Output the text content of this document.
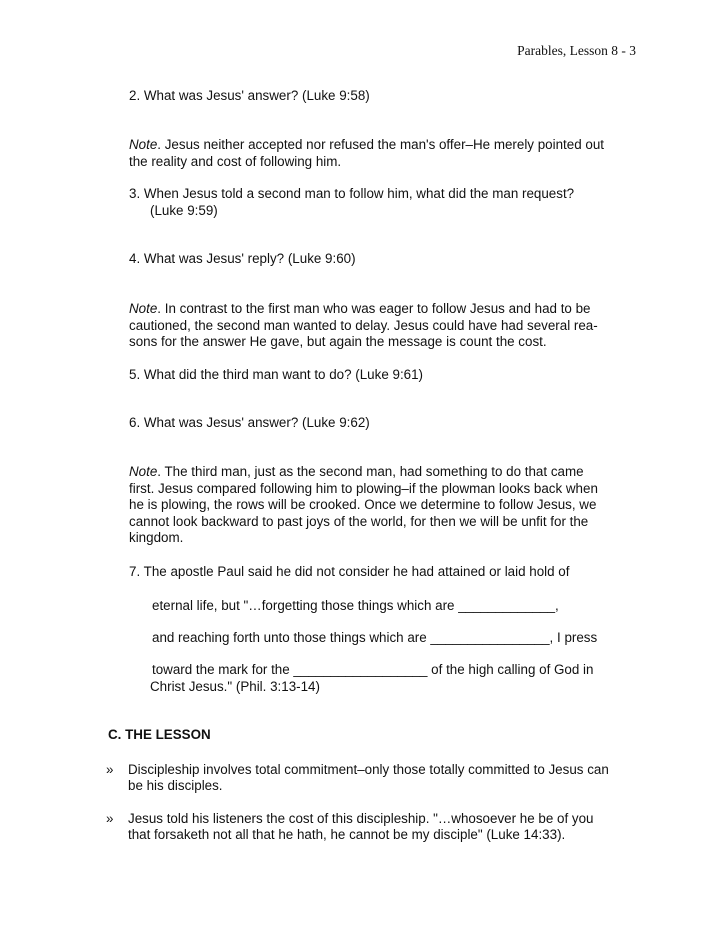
Parables, Lesson 8 - 3
2. What was Jesus' answer? (Luke 9:58)
Note. Jesus neither accepted nor refused the man's offer–He merely pointed out
the reality and cost of following him.
3. When Jesus told a second man to follow him, what did the man request?
(Luke 9:59)
4. What was Jesus' reply? (Luke 9:60)
Note. In contrast to the first man who was eager to follow Jesus and had to be
cautioned, the second man wanted to delay. Jesus could have had several rea-
sons for the answer He gave, but again the message is count the cost.
5. What did the third man want to do? (Luke 9:61)
6. What was Jesus' answer? (Luke 9:62)
Note. The third man, just as the second man, had something to do that came
first. Jesus compared following him to plowing–if the plowman looks back when
he is plowing, the rows will be crooked. Once we determine to follow Jesus, we
cannot look backward to past joys of the world, for then we will be unfit for the
kingdom.
7. The apostle Paul said he did not consider he had attained or laid hold of
eternal life, but "…forgetting those things which are _____________,
and reaching forth unto those things which are ________________, I press
toward the mark for the __________________ of the high calling of God in
Christ Jesus." (Phil. 3:13-14)
C. THE LESSON
» Discipleship involves total commitment–only those totally committed to Jesus can
be his disciples.
» Jesus told his listeners the cost of this discipleship. "…whosoever he be of you
that forsaketh not all that he hath, he cannot be my disciple" (Luke 14:33).
